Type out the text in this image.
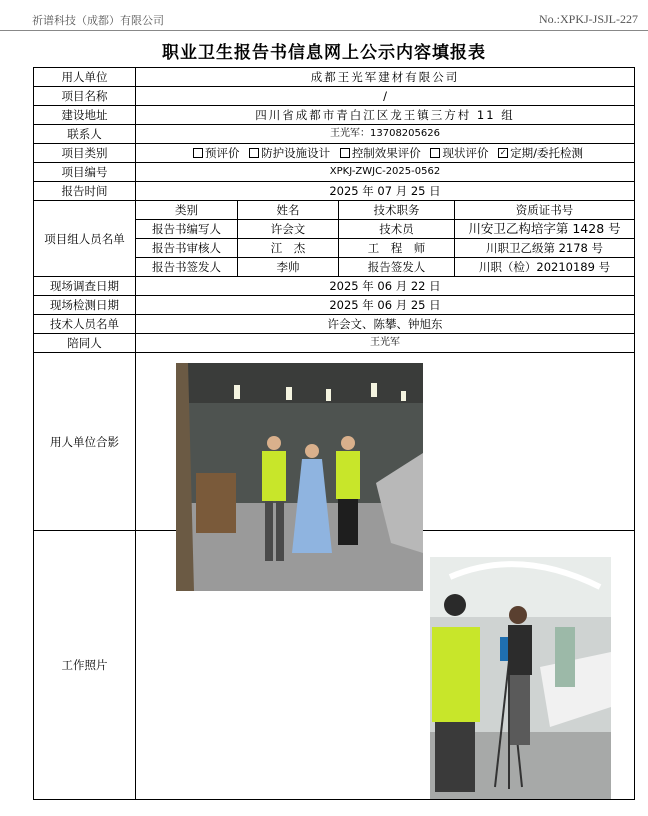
祈谱科技（成都）有限公司	No.:XPKJ-JSJL-227
职业卫生报告书信息网上公示内容填报表
用人单位	成都王光军建材有限公司			
项目名称	/			
建设地址	四川省成都市青白江区龙王镇三方村 11 组			
联系人	王光军：13708205626			
项目类别	预评价 防护设施设计 控制效果评价 现状评价 ✓ 定期/委托检测			
项目编号	XPKJ-ZWJC-2025-0562			
报告时间	2025 年 07 月 25 日			
项目组人员名单	类别	姓名	技术职务	资质证书号
	报告书编写人	许会文	技术员	川安卫乙构培字第 1428 号
	报告书审核人	江　杰	工　程　师	川职卫乙级第 2178 号
	报告书签发人	李帅	报告签发人	川职（检）20210189 号
现场调查日期	2025 年 06 月 22 日			
现场检测日期	2025 年 06 月 25 日			
技术人员名单	许会文、陈攀、钟旭东			
陪同人	王光军			
用人单位合影				
工作照片				
